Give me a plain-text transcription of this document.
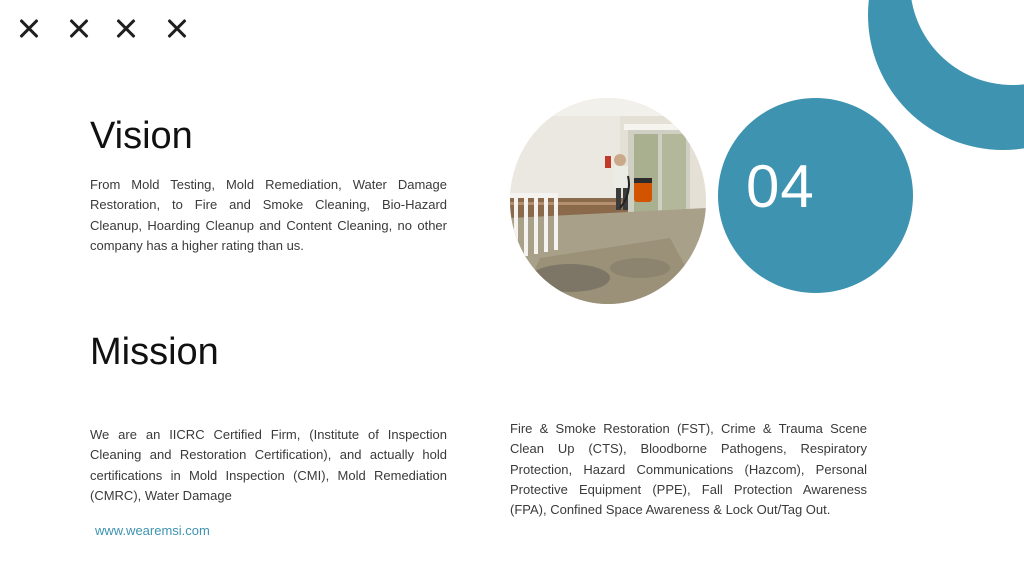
Vision

From Mold Testing, Mold Remediation, Water Damage Restoration, to Fire and Smoke Cleaning, Bio-Hazard Cleanup, Hoarding Cleanup and Content Cleaning, no other company has a higher rating than us.

04
Mission

We are an IICRC Certified Firm, (Institute of Inspection Cleaning and Restoration Certification), and actually hold certifications in Mold Inspection (CMI), Mold Remediation (CMRC), Water Damage

Fire & Smoke Restoration (FST), Crime & Trauma Scene Clean Up (CTS), Bloodborne Pathogens, Respiratory Protection, Hazard Communications (Hazcom), Personal Protective Equipment (PPE), Fall Protection Awareness (FPA), Confined Space Awareness & Lock Out/Tag Out.

www.wearemsi.com
